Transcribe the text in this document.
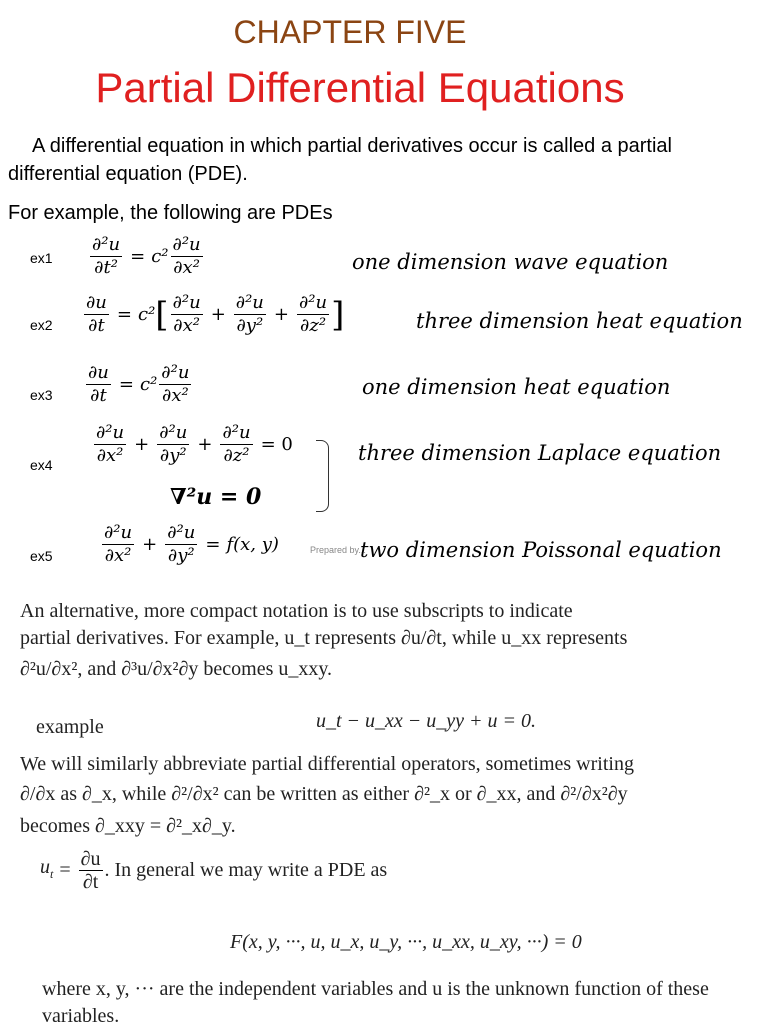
CHAPTER FIVE
Partial Differential Equations
A differential equation in which partial derivatives occur is called a partial differential equation (PDE).
For example, the following are PDEs
$ex1 \frac{\text{∂²u}}{\text{∂t²}} = c^2 \frac{\text{∂²u}}{\text{∂x²}}$	one dimension wave equation
$ex2 \frac{\partial u}{\partial t} = c^2$ [ $\frac{\text{∂²u}}{\text{∂x²}} + \frac{\text{∂²u}}{\text{∂y²}} + \frac{\text{∂²u}}{\text{∂z²}}$ ]	three dimension heat equation
$ex3 \frac{\partial u}{\partial t} = c^2 \frac{\text{∂²u}}{\text{∂x²}}$	one dimension heat equation
$ex4 \frac{\text{∂²u}}{\text{∂x²}} + \frac{\text{∂²u}}{\text{∂y²}} + \frac{\text{∂²u}}{\text{∂z²}} = 0$
∇²u = 0
three dimension Laplace equation
ex5	$\frac{\text{∂²u}}{\text{∂x²}} + \frac{\text{∂²u}}{\text{∂y²}} = f(x$, y)	Prepared by...
two dimension Poissonal equation
An alternative, more compact notation is to use subscripts to indicate
partial derivatives. For example, u_t represents ∂u/∂t, while u_xx represents
∂²u/∂x², and ∂³u/∂x²∂y becomes u_xxy.
example	u_t − u_xx − u_yy + u = 0.
We will similarly abbreviate partial differential operators, sometimes writing
∂/∂x as ∂_x, while ∂²/∂x² can be written as either ∂²_x or ∂_xx, and ∂²/∂x²∂y
becomes ∂_xxy = ∂²_x∂_y.
$u_t = \frac{\partial u}{\partial t}$ . In general we may write a PDE as
F(x, y, ···, u, u_x, u_y, ···, u_xx, u_xy, ···) = 0
where x, y, ··· are the independent variables and u is the unknown function of these variables.
